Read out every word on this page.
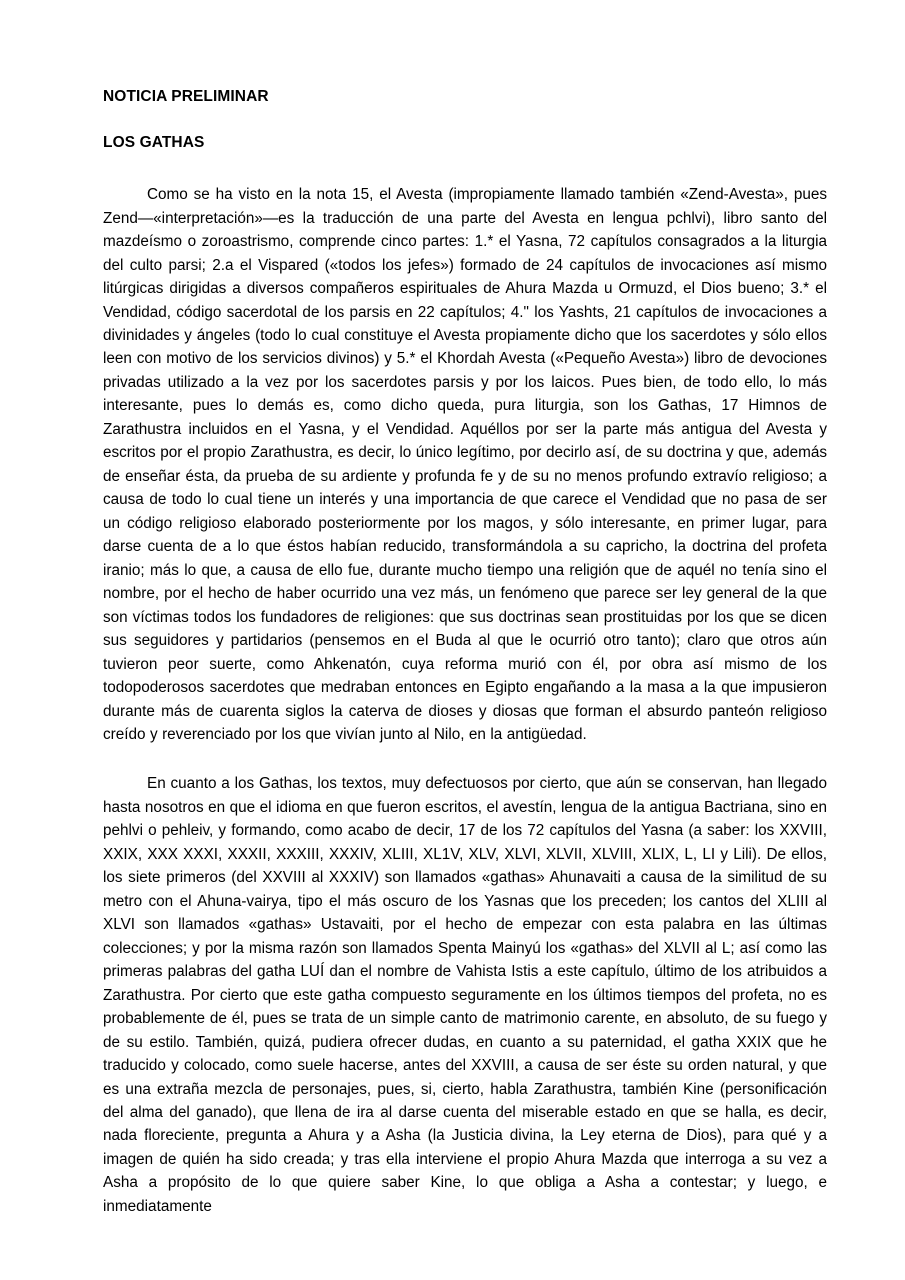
NOTICIA PRELIMINAR
LOS GATHAS

Como se ha visto en la nota 15, el Avesta (impropiamente llamado también «Zend-Avesta», pues Zend—«interpretación»—es la traducción de una parte del Avesta en lengua pchlvi), libro santo del mazdeísmo o zoroastrismo, comprende cinco partes: 1.* el Yasna, 72 capítulos consagrados a la liturgia del culto parsi; 2.a el Vispared («todos los jefes») formado de 24 capítulos de invocaciones así mismo litúrgicas dirigidas a diversos compañeros espirituales de Ahura Mazda u Ormuzd, el Dios bueno; 3.* el Vendidad, código sacerdotal de los parsis en 22 capítulos; 4." los Yashts, 21 capítulos de invocaciones a divinidades y ángeles (todo lo cual constituye el Avesta propiamente dicho que los sacerdotes y sólo ellos leen con motivo de los servicios divinos) y 5.* el Khordah Avesta («Pequeño Avesta») libro de devociones privadas utilizado a la vez por los sacerdotes parsis y por los laicos. Pues bien, de todo ello, lo más interesante, pues lo demás es, como dicho queda, pura liturgia, son los Gathas, 17 Himnos de Zarathustra incluidos en el Yasna, y el Vendidad. Aquéllos por ser la parte más antigua del Avesta y escritos por el propio Zarathustra, es decir, lo único legítimo, por decirlo así, de su doctrina y que, además de enseñar ésta, da prueba de su ardiente y profunda fe y de su no menos profundo extravío religioso; a causa de todo lo cual tiene un interés y una importancia de que carece el Vendidad que no pasa de ser un código religioso elaborado posteriormente por los magos, y sólo interesante, en primer lugar, para darse cuenta de a lo que éstos habían reducido, transformándola a su capricho, la doctrina del profeta iranio; más lo que, a causa de ello fue, durante mucho tiempo una religión que de aquél no tenía sino el nombre, por el hecho de haber ocurrido una vez más, un fenómeno que parece ser ley general de la que son víctimas todos los fundadores de religiones: que sus doctrinas sean prostituidas por los que se dicen sus seguidores y partidarios (pensemos en el Buda al que le ocurrió otro tanto); claro que otros aún tuvieron peor suerte, como Ahkenatón, cuya reforma murió con él, por obra así mismo de los todopoderosos sacerdotes que medraban entonces en Egipto engañando a la masa a la que impusieron durante más de cuarenta siglos la caterva de dioses y diosas que forman el absurdo panteón religioso creído y reverenciado por los que vivían junto al Nilo, en la antigüedad.

En cuanto a los Gathas, los textos, muy defectuosos por cierto, que aún se conservan, han llegado hasta nosotros en que el idioma en que fueron escritos, el avestín, lengua de la antigua Bactriana, sino en pehlvi o pehleiv, y formando, como acabo de decir, 17 de los 72 capítulos del Yasna (a saber: los XXVIII, XXIX, XXX XXXI, XXXII, XXXIII, XXXIV, XLIII, XL1V, XLV, XLVI, XLVII, XLVIII, XLIX, L, LI y Lili). De ellos, los siete primeros (del XXVIII al XXXIV) son llamados «gathas» Ahunavaiti a causa de la similitud de su metro con el Ahuna-vairya, tipo el más oscuro de los Yasnas que los preceden; los cantos del XLIII al XLVI son llamados «gathas» Ustavaiti, por el hecho de empezar con esta palabra en las últimas colecciones; y por la misma razón son llamados Spenta Mainyú los «gathas» del XLVII al L; así como las primeras palabras del gatha LUÍ dan el nombre de Vahista Istis a este capítulo, último de los atribuidos a Zarathustra. Por cierto que este gatha compuesto seguramente en los últimos tiempos del profeta, no es probablemente de él, pues se trata de un simple canto de matrimonio carente, en absoluto, de su fuego y de su estilo. También, quizá, pudiera ofrecer dudas, en cuanto a su paternidad, el gatha XXIX que he traducido y colocado, como suele hacerse, antes del XXVIII, a causa de ser éste su orden natural, y que es una extraña mezcla de personajes, pues, si, cierto, habla Zarathustra, también Kine (personificación del alma del ganado), que llena de ira al darse cuenta del miserable estado en que se halla, es decir, nada floreciente, pregunta a Ahura y a Asha (la Justicia divina, la Ley eterna de Dios), para qué y a imagen de quién ha sido creada; y tras ella interviene el propio Ahura Mazda que interroga a su vez a Asha a propósito de lo que quiere saber Kine, lo que obliga a Asha a contestar; y luego, e inmediatamente
